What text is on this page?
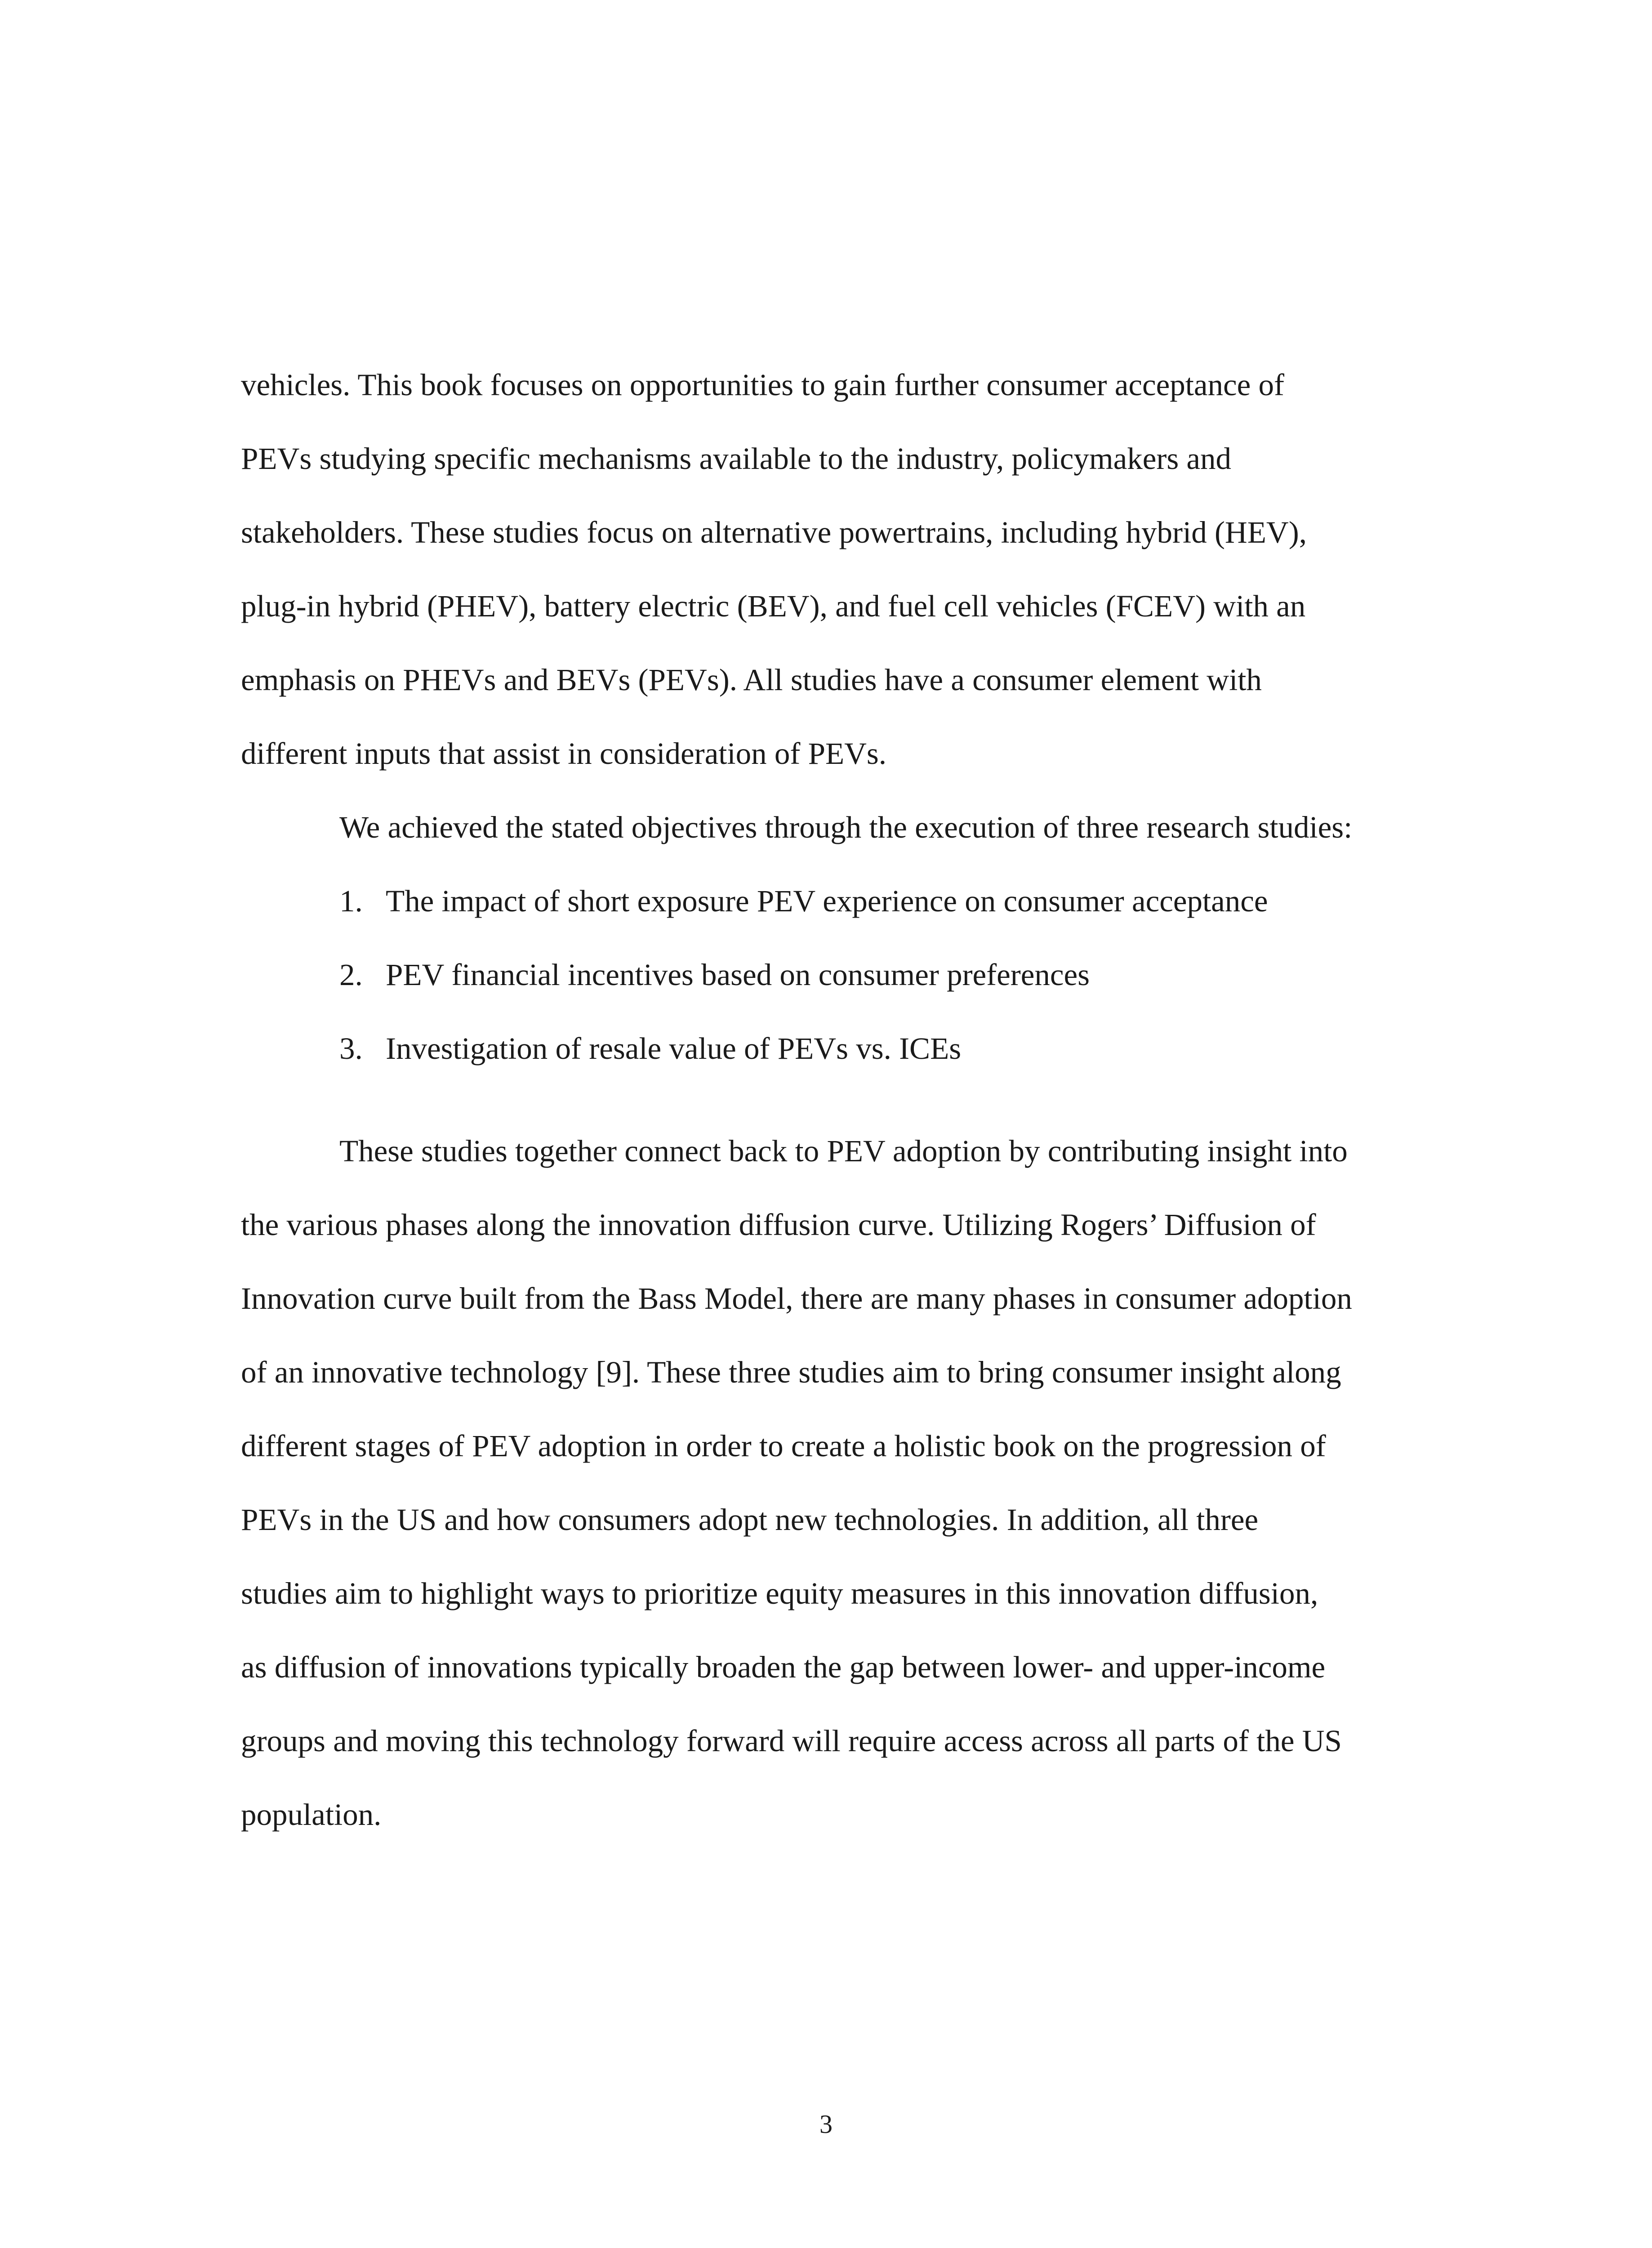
vehicles. This book focuses on opportunities to gain further consumer acceptance of

PEVs studying specific mechanisms available to the industry, policymakers and

stakeholders. These studies focus on alternative powertrains, including hybrid (HEV),

plug-in hybrid (PHEV), battery electric (BEV), and fuel cell vehicles (FCEV) with an

emphasis on PHEVs and BEVs (PEVs). All studies have a consumer element with

different inputs that assist in consideration of PEVs.

We achieved the stated objectives through the execution of three research studies:

1. The impact of short exposure PEV experience on consumer acceptance
2. PEV financial incentives based on consumer preferences
3. Investigation of resale value of PEVs vs. ICEs

These studies together connect back to PEV adoption by contributing insight into

the various phases along the innovation diffusion curve. Utilizing Rogers’ Diffusion of

Innovation curve built from the Bass Model, there are many phases in consumer adoption

of an innovative technology [9]. These three studies aim to bring consumer insight along

different stages of PEV adoption in order to create a holistic book on the progression of

PEVs in the US and how consumers adopt new technologies. In addition, all three

studies aim to highlight ways to prioritize equity measures in this innovation diffusion,

as diffusion of innovations typically broaden the gap between lower- and upper-income

groups and moving this technology forward will require access across all parts of the US

population.

3
